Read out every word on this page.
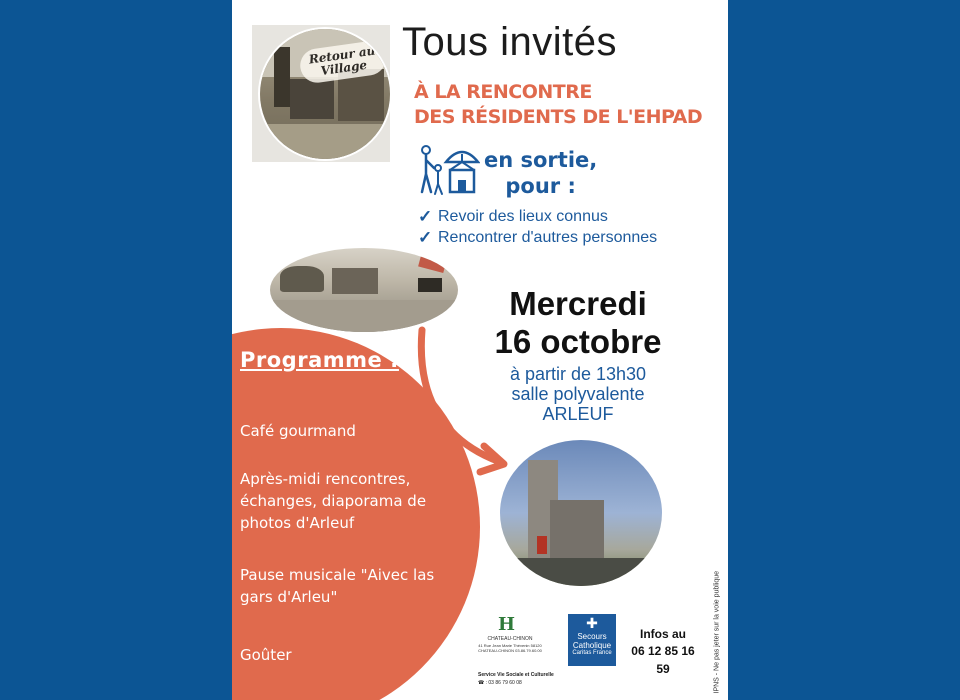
Retour au Village
Tous invités
À LA RENCONTRE
DES RÉSIDENTS DE L'EHPAD
en sortie,
pour :
✓ Revoir des lieux connus
✓ Rencontrer d'autres personnes
Programme :
Café gourmand
Après-midi rencontres, échanges, diaporama de photos d'Arleuf
Pause musicale "Aivec las gars d'Arleu"
Goûter
Mercredi
16 octobre
à partir de 13h30
salle polyvalente
ARLEUF
H
CHATEAU-CHINON
41 Rue Jean Marie Thévenin 58120 CHATEAU-CHINON 03.86.79.60.00
Service Vie Sociale et Culturelle
☎ : 03 86 79 60 08
✚
Secours
Catholique
Caritas France
Infos au
06 12 85 16 59	IPNS - Ne pas jeter sur la voie publique
